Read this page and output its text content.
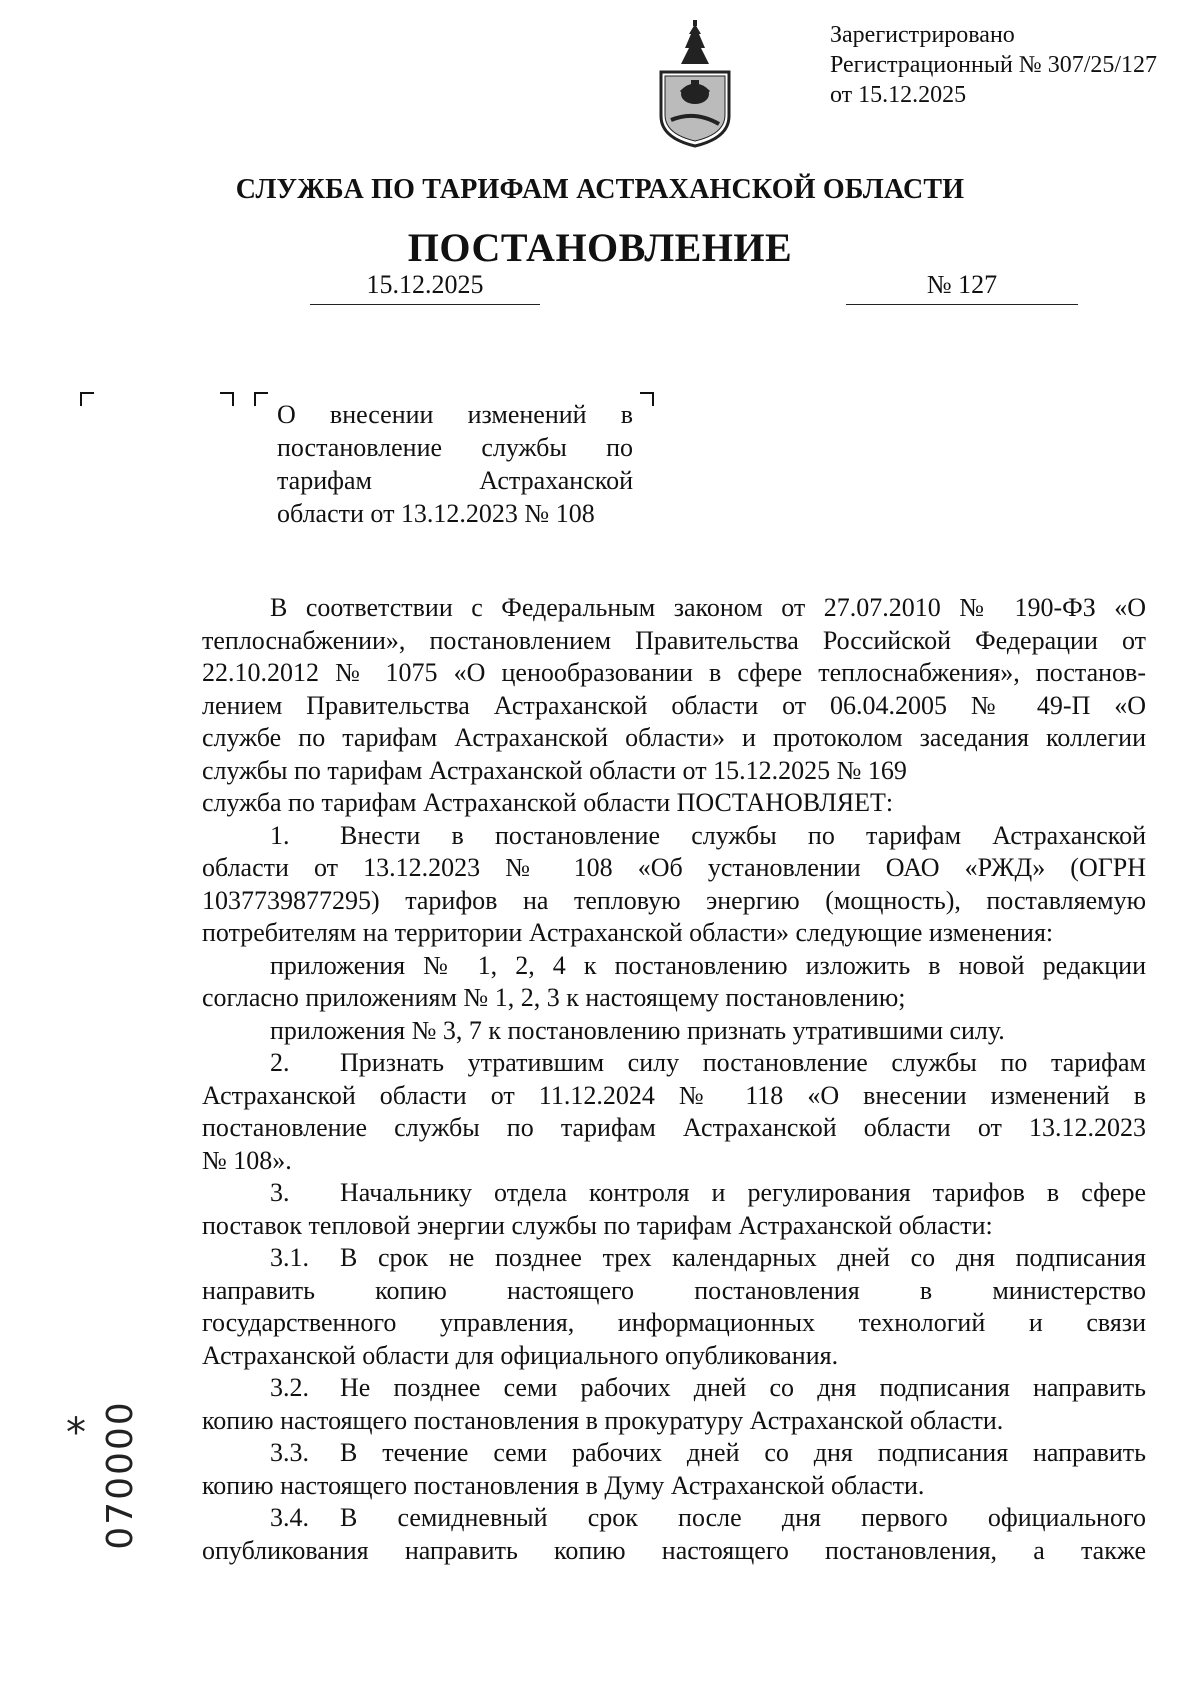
Зарегистрировано
Регистрационный № 307/25/127
от 15.12.2025
СЛУЖБА ПО ТАРИФАМ АСТРАХАНСКОЙ ОБЛАСТИ
ПОСТАНОВЛЕНИЕ
15.12.2025	№ 127
О внесении изменений в
постановление службы по
тарифам Астраханской
области от 13.12.2023 № 108
В соответствии с Федеральным законом от 27.07.2010 № 190-ФЗ «О
теплоснабжении», постановлением Правительства Российской Федерации от
22.10.2012 № 1075 «О ценообразовании в сфере теплоснабжения», постанов-
лением Правительства Астраханской области от 06.04.2005 № 49-П «О
службе по тарифам Астраханской области» и протоколом заседания коллегии
службы по тарифам Астраханской области от 15.12.2025 № 169
служба по тарифам Астраханской области ПОСТАНОВЛЯЕТ:
1. Внести в постановление службы по тарифам Астраханской
области от 13.12.2023 № 108 «Об установлении ОАО «РЖД» (ОГРН
1037739877295) тарифов на тепловую энергию (мощность), поставляемую
потребителям на территории Астраханской области» следующие изменения:
приложения № 1, 2, 4 к постановлению изложить в новой редакции
согласно приложениям № 1, 2, 3 к настоящему постановлению;
приложения № 3, 7 к постановлению признать утратившими силу.
2. Признать утратившим силу постановление службы по тарифам
Астраханской области от 11.12.2024 № 118 «О внесении изменений в
постановление службы по тарифам Астраханской области от 13.12.2023
№ 108».
3. Начальнику отдела контроля и регулирования тарифов в сфере
поставок тепловой энергии службы по тарифам Астраханской области:
3.1. В срок не позднее трех календарных дней со дня подписания
направить копию настоящего постановления в министерство
государственного управления, информационных технологий и связи
Астраханской области для официального опубликования.
3.2. Не позднее семи рабочих дней со дня подписания направить
копию настоящего постановления в прокуратуру Астраханской области.
3.3. В течение семи рабочих дней со дня подписания направить
копию настоящего постановления в Думу Астраханской области.
3.4. В семидневный срок после дня первого официального
опубликования направить копию настоящего постановления, а также
* 070000
